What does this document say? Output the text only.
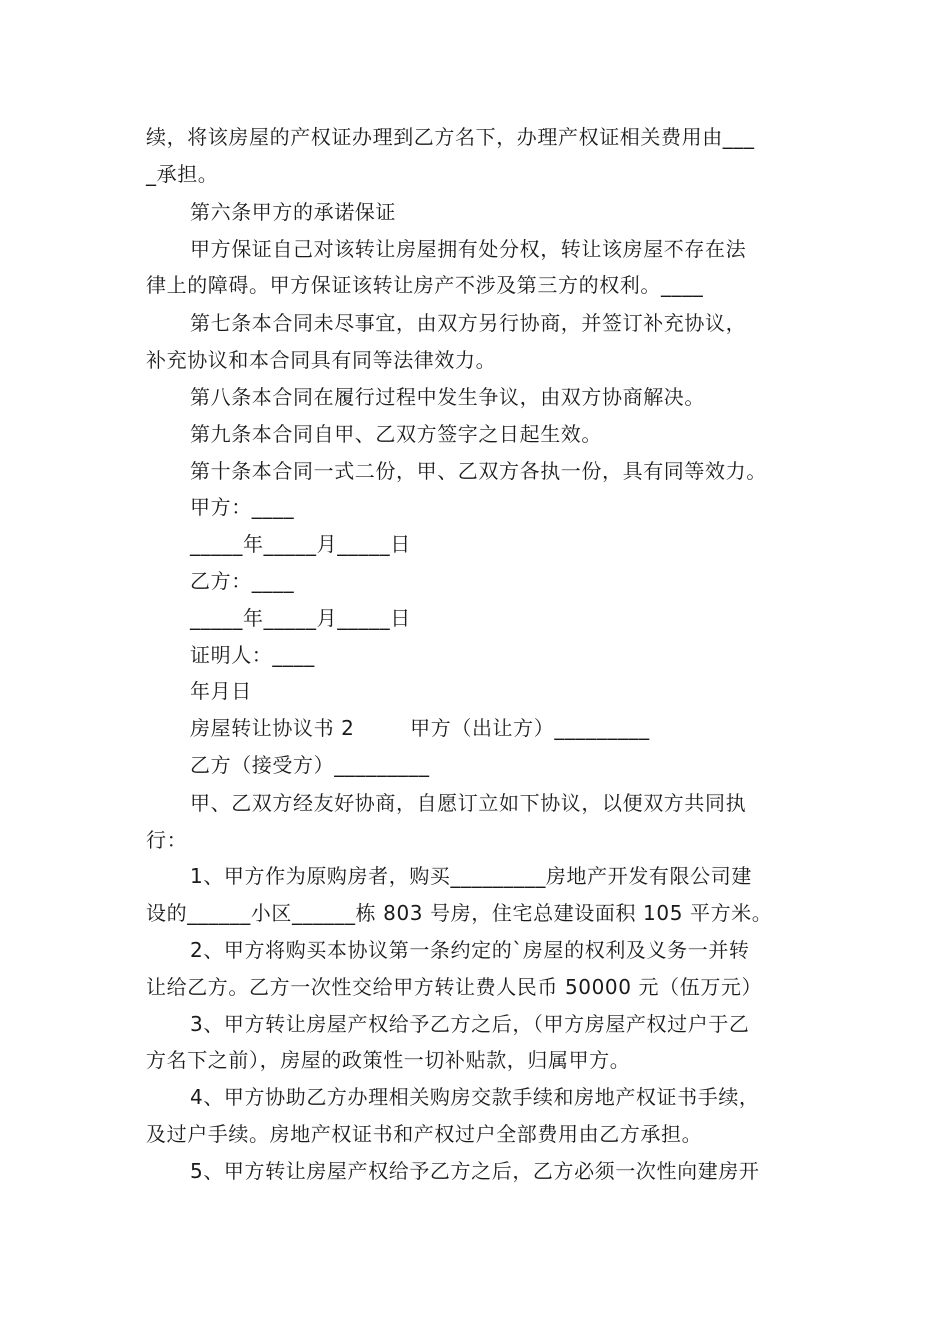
续，将该房屋的产权证办理到乙方名下，办理产权证相关费用由___
_承担。
第六条甲方的承诺保证
甲方保证自己对该转让房屋拥有处分权，转让该房屋不存在法
律上的障碍。甲方保证该转让房产不涉及第三方的权利。____
第七条本合同未尽事宜，由双方另行协商，并签订补充协议，
补充协议和本合同具有同等法律效力。
第八条本合同在履行过程中发生争议，由双方协商解决。
第九条本合同自甲、乙双方签字之日起生效。
第十条本合同一式二份，甲、乙双方各执一份，具有同等效力。
甲方：____
_____年_____月_____日
乙方：____
_____年_____月_____日
证明人：____
年月日
房屋转让协议书 2        甲方（出让方）_________
乙方（接受方）_________
甲、乙双方经友好协商，自愿订立如下协议，以便双方共同执
行：
1、甲方作为原购房者，购买_________房地产开发有限公司建
设的______小区______栋 803 号房，住宅总建设面积 105 平方米。
2、甲方将购买本协议第一条约定的`房屋的权利及义务一并转
让给乙方。乙方一次性交给甲方转让费人民币 50000 元（伍万元）
3、甲方转让房屋产权给予乙方之后，（甲方房屋产权过户于乙
方名下之前），房屋的政策性一切补贴款，归属甲方。
4、甲方协助乙方办理相关购房交款手续和房地产权证书手续，
及过户手续。房地产权证书和产权过户全部费用由乙方承担。
5、甲方转让房屋产权给予乙方之后，乙方必须一次性向建房开
